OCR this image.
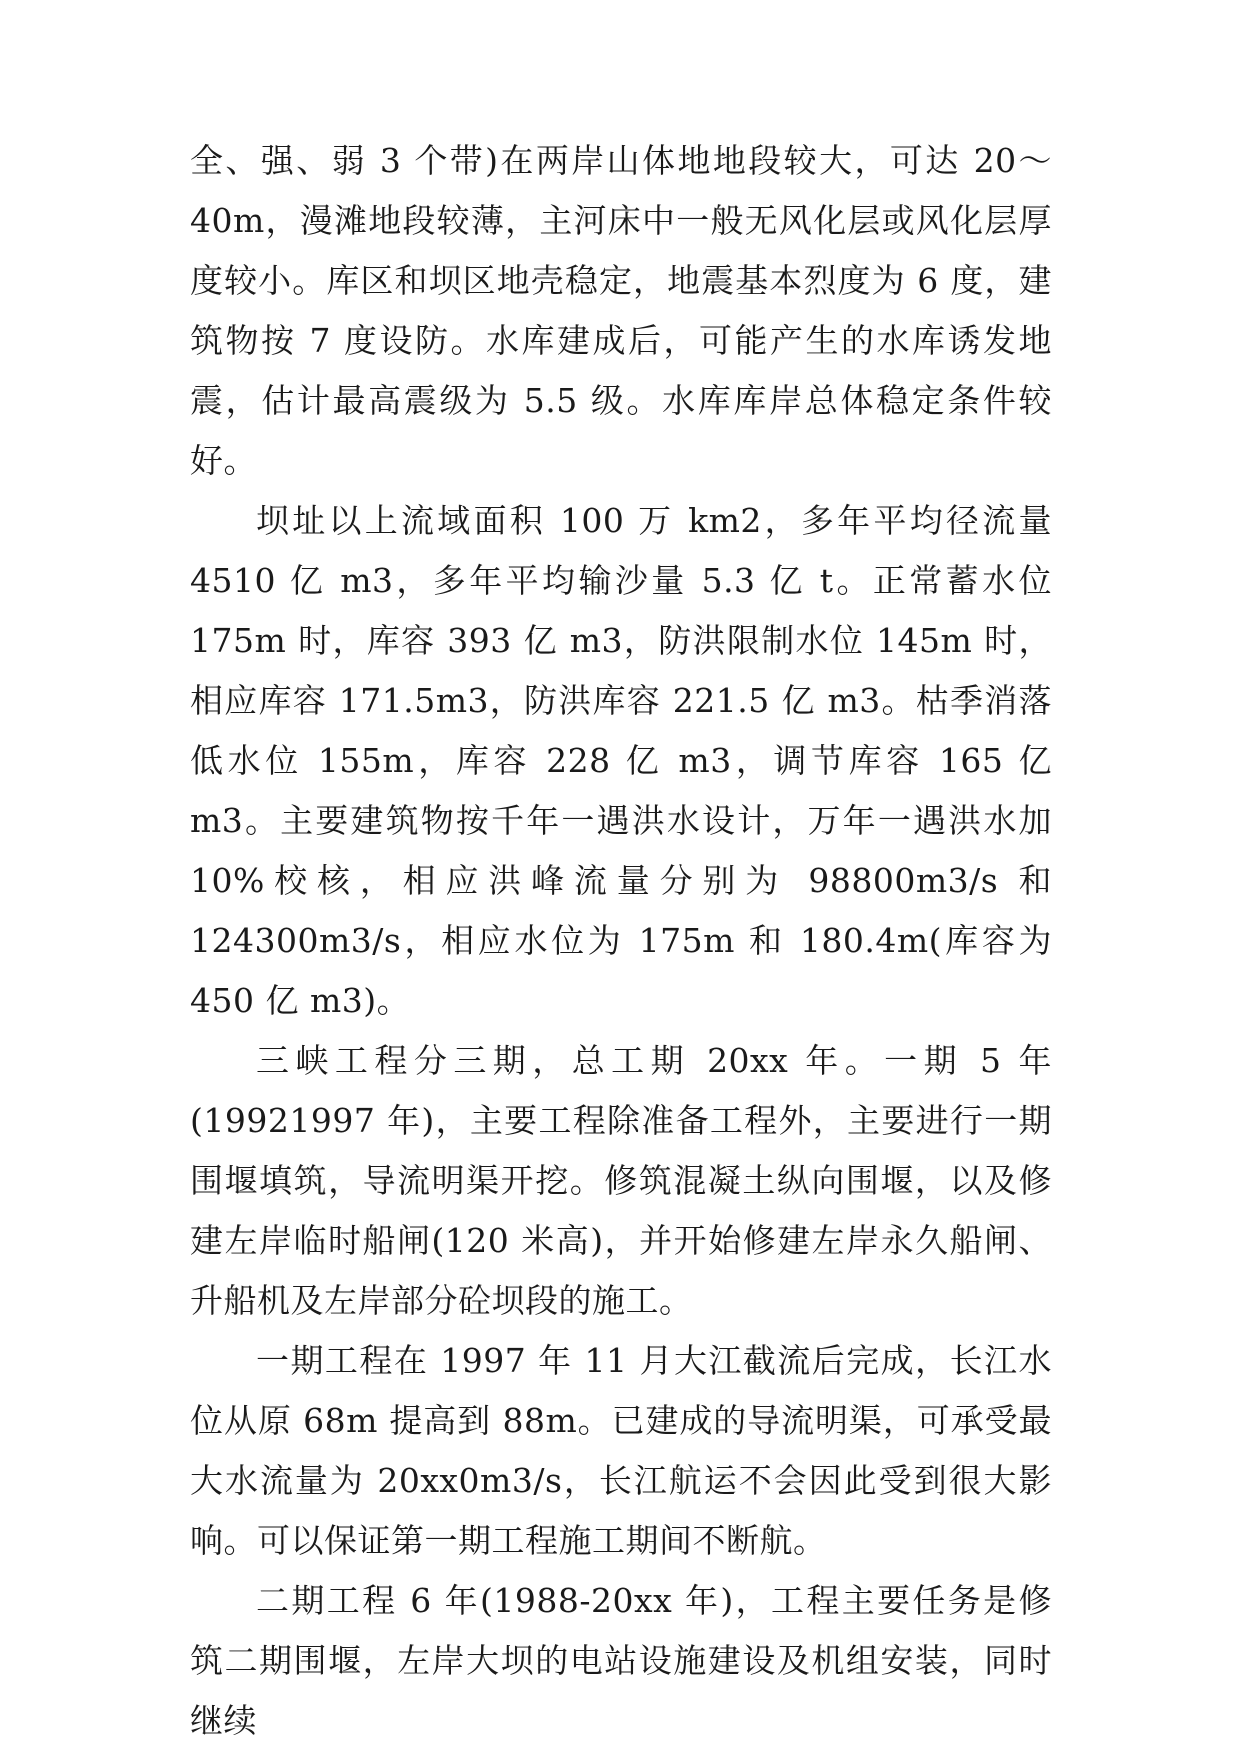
全、强、弱 3 个带)在两岸山体地地段较大，可达 20～40m，漫滩地段较薄，主河床中一般无风化层或风化层厚度较小。库区和坝区地壳稳定，地震基本烈度为 6 度，建筑物按 7 度设防。水库建成后，可能产生的水库诱发地震，估计最高震级为 5.5 级。水库库岸总体稳定条件较好。

坝址以上流域面积 100 万 km2，多年平均径流量 4510 亿 m3，多年平均输沙量 5.3 亿 t。正常蓄水位 175m 时，库容 393 亿 m3，防洪限制水位 145m 时，相应库容 171.5m3，防洪库容 221.5 亿 m3。枯季消落低水位 155m，库容 228 亿 m3，调节库容 165 亿 m3。主要建筑物按千年一遇洪水设计，万年一遇洪水加 10%校核，相应洪峰流量分别为 98800m3/s 和 124300m3/s，相应水位为 175m 和 180.4m(库容为 450 亿 m3)。

三峡工程分三期，总工期 20xx 年。一期 5 年(19921997 年)，主要工程除准备工程外，主要进行一期围堰填筑，导流明渠开挖。修筑混凝土纵向围堰，以及修建左岸临时船闸(120 米高)，并开始修建左岸永久船闸、升船机及左岸部分砼坝段的施工。

一期工程在 1997 年 11 月大江截流后完成，长江水位从原 68m 提高到 88m。已建成的导流明渠，可承受最大水流量为 20xx0m3/s，长江航运不会因此受到很大影响。可以保证第一期工程施工期间不断航。

二期工程 6 年(1988-20xx 年)，工程主要任务是修筑二期围堰，左岸大坝的电站设施建设及机组安装，同时继续
